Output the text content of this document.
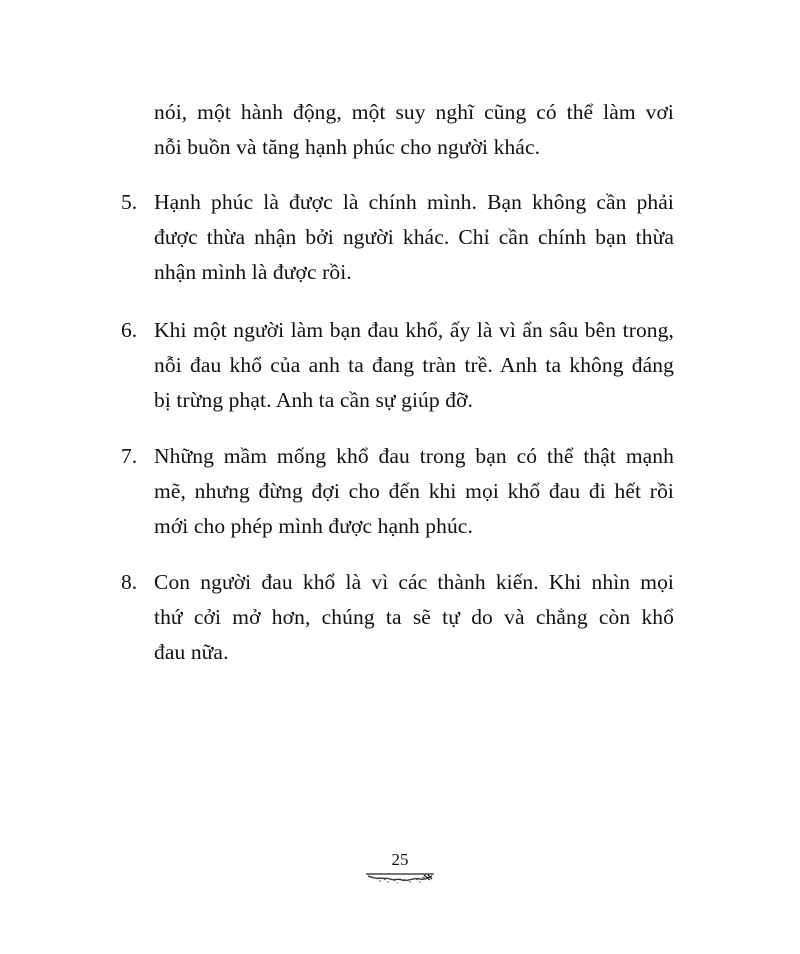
nói, một hành động, một suy nghĩ cũng có thể làm vơi
nỗi buồn và tăng hạnh phúc cho người khác.
5. Hạnh phúc là được là chính mình. Bạn không cần phải
được thừa nhận bởi người khác. Chỉ cần chính bạn thừa
nhận mình là được rồi.
6. Khi một người làm bạn đau khổ, ấy là vì ẩn sâu bên trong,
nỗi đau khổ của anh ta đang tràn trề. Anh ta không đáng
bị trừng phạt. Anh ta cần sự giúp đỡ.
7. Những mầm mống khổ đau trong bạn có thể thật mạnh
mẽ, nhưng đừng đợi cho đến khi mọi khổ đau đi hết rồi
mới cho phép mình được hạnh phúc.
8. Con người đau khổ là vì các thành kiến. Khi nhìn mọi
thứ cởi mở hơn, chúng ta sẽ tự do và chẳng còn khổ
đau nữa.
25
